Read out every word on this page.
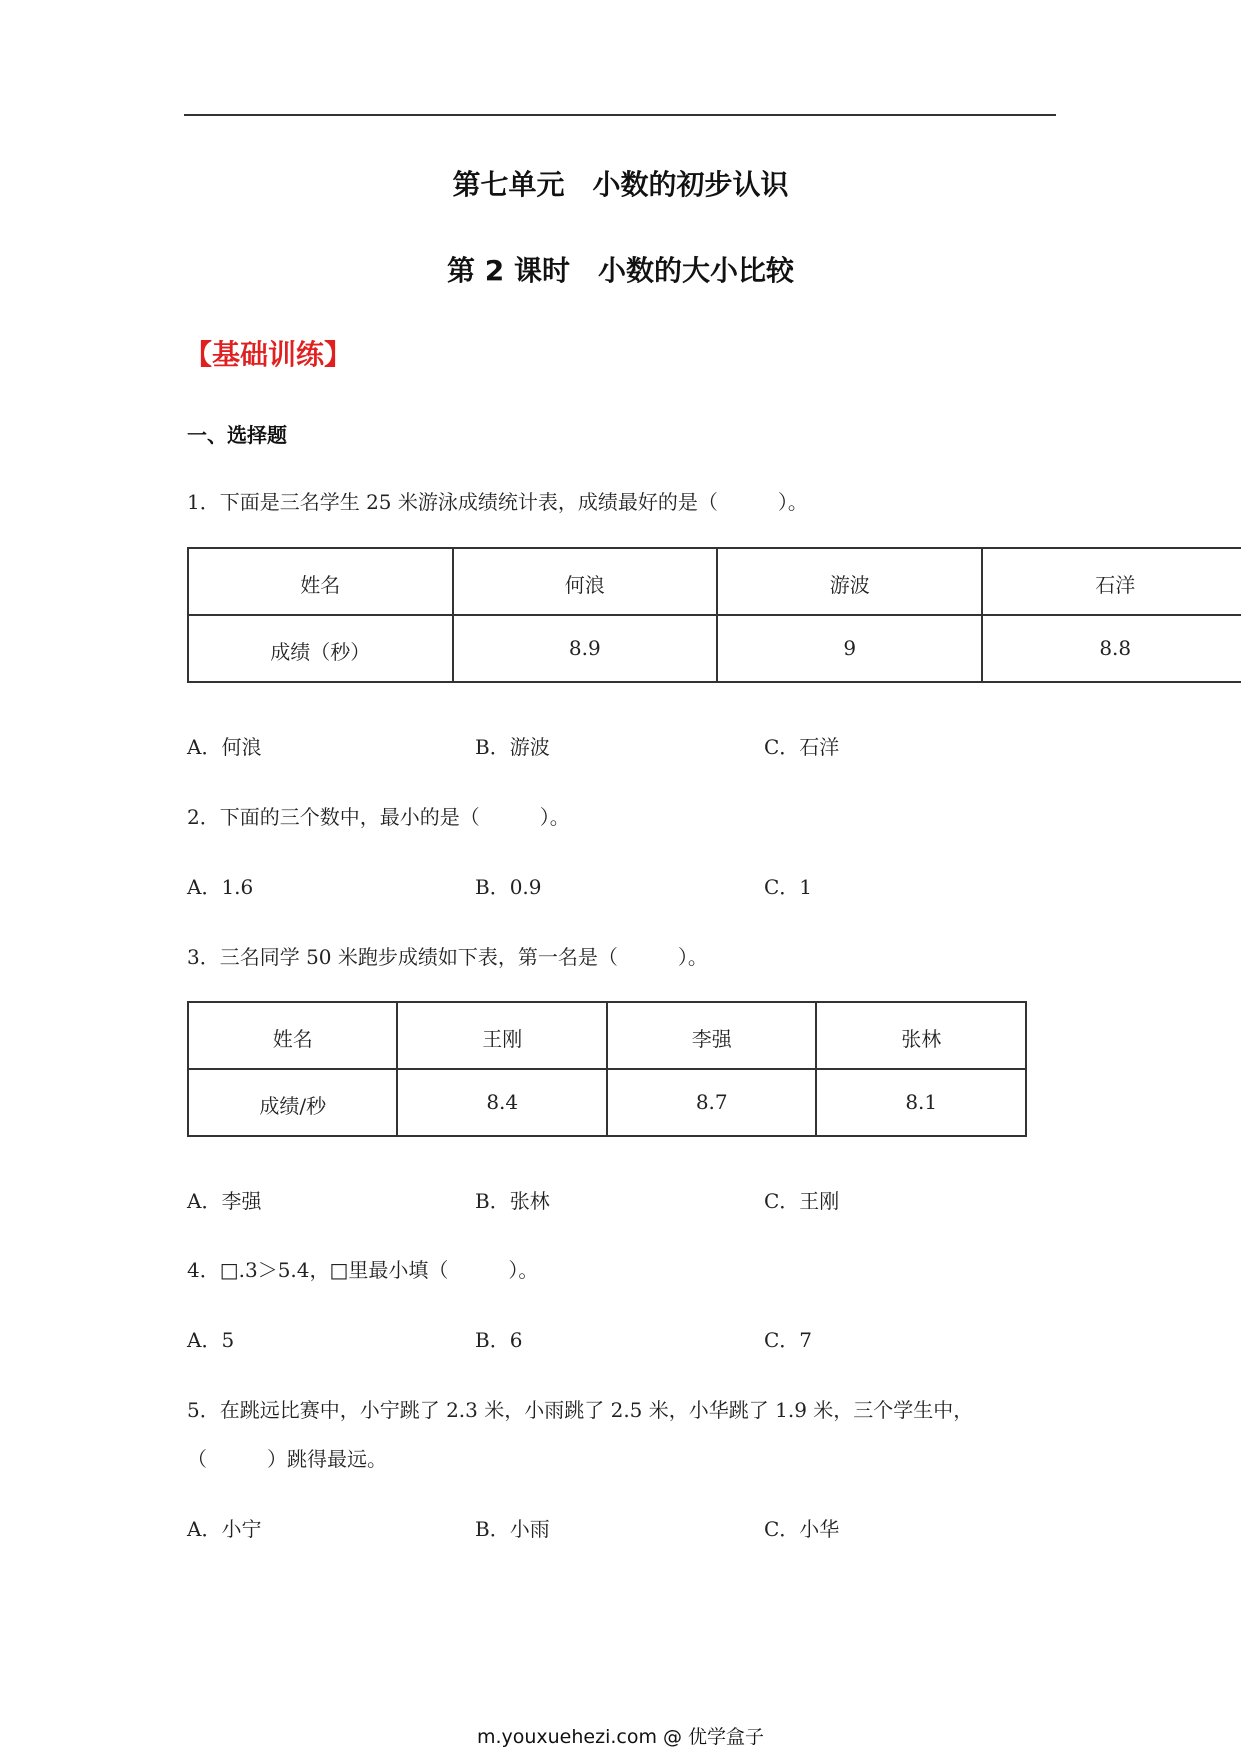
第七单元　小数的初步认识
第 2 课时　小数的大小比较
【基础训练】
一、选择题
1．下面是三名学生 25 米游泳成绩统计表，成绩最好的是（　　　）。
姓名	何浪	游波	石洋
成绩（秒）	8.9	9	8.8
A．何浪	B．游波	C．石洋
2．下面的三个数中，最小的是（　　　）。
A．1.6	B．0.9	C．1
3．三名同学 50 米跑步成绩如下表，第一名是（　　　）。
姓名	王刚	李强	张林
成绩/秒	8.4	8.7	8.1
A．李强	B．张林	C．王刚
4．□.3＞5.4，□里最小填（　　　）。
A．5	B．6	C．7
5．在跳远比赛中，小宁跳了 2.3 米，小雨跳了 2.5 米，小华跳了 1.9 米，三个学生中，
（　　　）跳得最远。
A．小宁	B．小雨	C．小华
m.youxuehezi.com @ 优学盒子
